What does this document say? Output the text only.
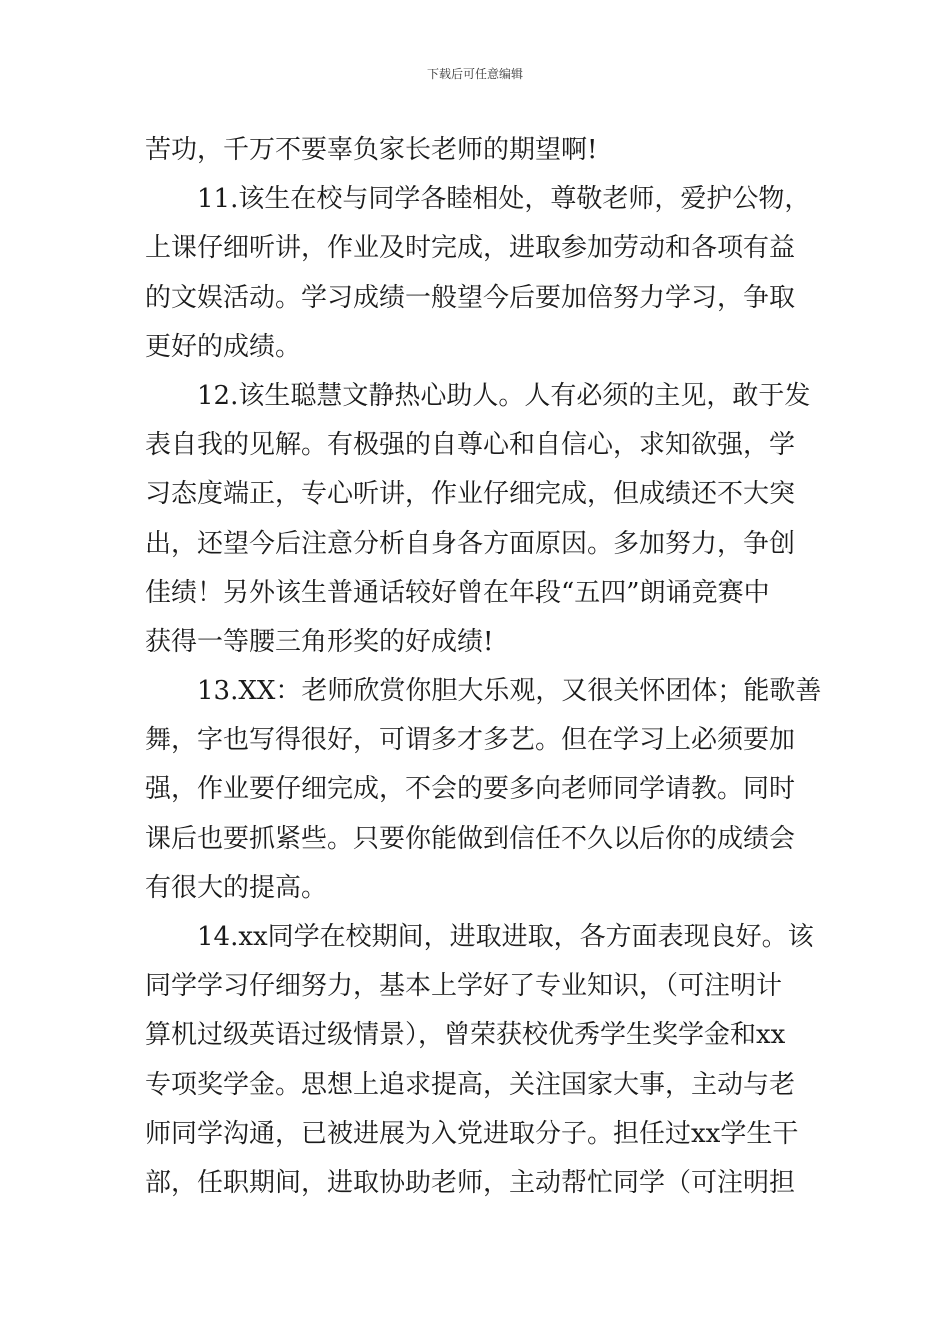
下载后可任意编辑
苦功，千万不要辜负家长老师的期望啊!
11.该生在校与同学各睦相处，尊敬老师，爱护公物，
上课仔细听讲，作业及时完成，进取参加劳动和各项有益
的文娱活动。学习成绩一般望今后要加倍努力学习，争取
更好的成绩。
12.该生聪慧文静热心助人。人有必须的主见，敢于发
表自我的见解。有极强的自尊心和自信心，求知欲强，学
习态度端正，专心听讲，作业仔细完成，但成绩还不大突
出，还望今后注意分析自身各方面原因。多加努力，争创
佳绩！另外该生普通话较好曾在年段“五四”朗诵竞赛中
获得一等腰三角形奖的好成绩!
13.XX：老师欣赏你胆大乐观，又很关怀团体；能歌善
舞，字也写得很好，可谓多才多艺。但在学习上必须要加
强，作业要仔细完成，不会的要多向老师同学请教。同时
课后也要抓紧些。只要你能做到信任不久以后你的成绩会
有很大的提高。
14.xx同学在校期间，进取进取，各方面表现良好。该
同学学习仔细努力，基本上学好了专业知识，（可注明计
算机过级英语过级情景），曾荣获校优秀学生奖学金和xx
专项奖学金。思想上追求提高，关注国家大事，主动与老
师同学沟通，已被进展为入党进取分子。担任过xx学生干
部，任职期间，进取协助老师，主动帮忙同学（可注明担
